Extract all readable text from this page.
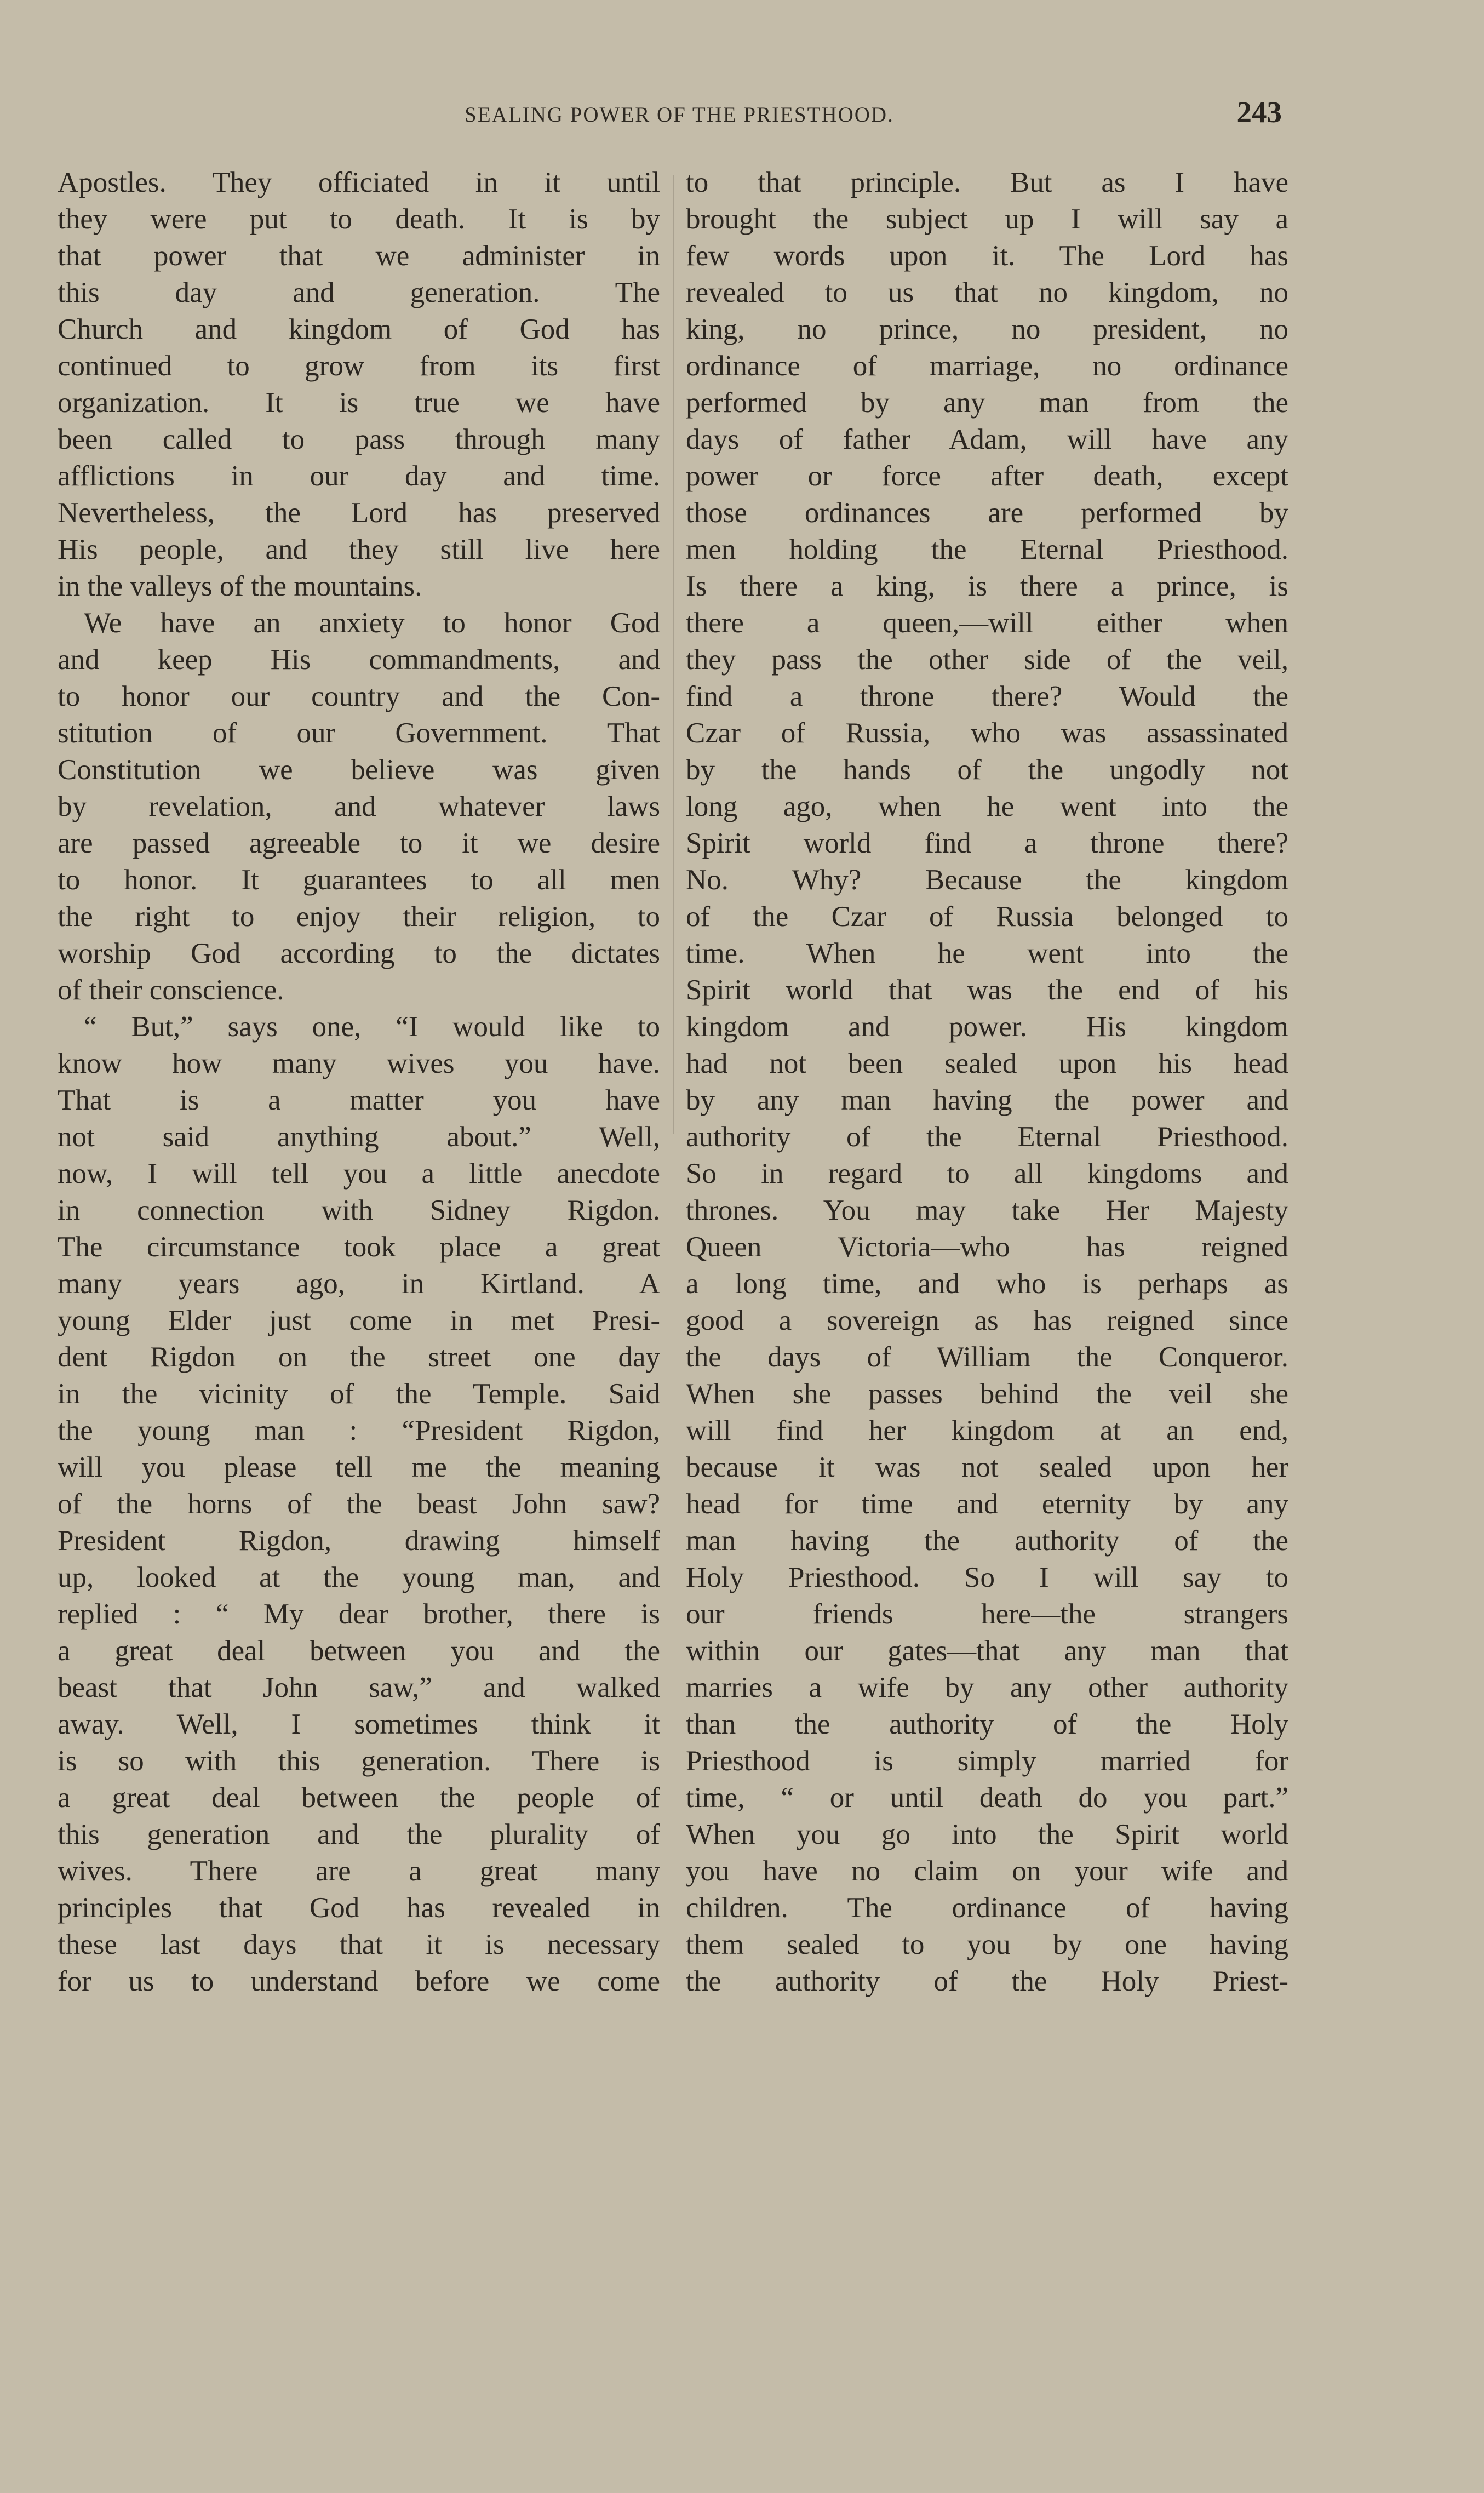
SEALING POWER OF THE PRIESTHOOD.	243
Apostles. They officiated in it until
they were put to death. It is by
that power that we administer in
this day and generation. The
Church and kingdom of God has
continued to grow from its first
organization. It is true we have
been called to pass through many
afflictions in our day and time.
Nevertheless, the Lord has preserved
His people, and they still live here
in the valleys of the mountains.
We have an anxiety to honor God
and keep His commandments, and
to honor our country and the Con-
stitution of our Government. That
Constitution we believe was given
by revelation, and whatever laws
are passed agreeable to it we desire
to honor. It guarantees to all men
the right to enjoy their religion, to
worship God according to the dictates
of their conscience.
“ But,” says one, “I would like to
know how many wives you have.
That is a matter you have
not said anything about.” Well,
now, I will tell you a little anecdote
in connection with Sidney Rigdon.
The circumstance took place a great
many years ago, in Kirtland. A
young Elder just come in met Presi-
dent Rigdon on the street one day
in the vicinity of the Temple. Said
the young man : “President Rigdon,
will you please tell me the meaning
of the horns of the beast John saw?
President Rigdon, drawing himself
up, looked at the young man, and
replied : “ My dear brother, there is
a great deal between you and the
beast that John saw,” and walked
away. Well, I sometimes think it
is so with this generation. There is
a great deal between the people of
this generation and the plurality of
wives. There are a great many
principles that God has revealed in
these last days that it is necessary
for us to understand before we come
to that principle. But as I have
brought the subject up I will say a
few words upon it. The Lord has
revealed to us that no kingdom, no
king, no prince, no president, no
ordinance of marriage, no ordinance
performed by any man from the
days of father Adam, will have any
power or force after death, except
those ordinances are performed by
men holding the Eternal Priesthood.
Is there a king, is there a prince, is
there a queen,—will either when
they pass the other side of the veil,
find a throne there? Would the
Czar of Russia, who was assassinated
by the hands of the ungodly not
long ago, when he went into the
Spirit world find a throne there?
No. Why? Because the kingdom
of the Czar of Russia belonged to
time. When he went into the
Spirit world that was the end of his
kingdom and power. His kingdom
had not been sealed upon his head
by any man having the power and
authority of the Eternal Priesthood.
So in regard to all kingdoms and
thrones. You may take Her Majesty
Queen Victoria—who has reigned
a long time, and who is perhaps as
good a sovereign as has reigned since
the days of William the Conqueror.
When she passes behind the veil she
will find her kingdom at an end,
because it was not sealed upon her
head for time and eternity by any
man having the authority of the
Holy Priesthood. So I will say to
our friends here—the strangers
within our gates—that any man that
marries a wife by any other authority
than the authority of the Holy
Priesthood is simply married for
time, “ or until death do you part.”
When you go into the Spirit world
you have no claim on your wife and
children. The ordinance of having
them sealed to you by one having
the authority of the Holy Priest-
